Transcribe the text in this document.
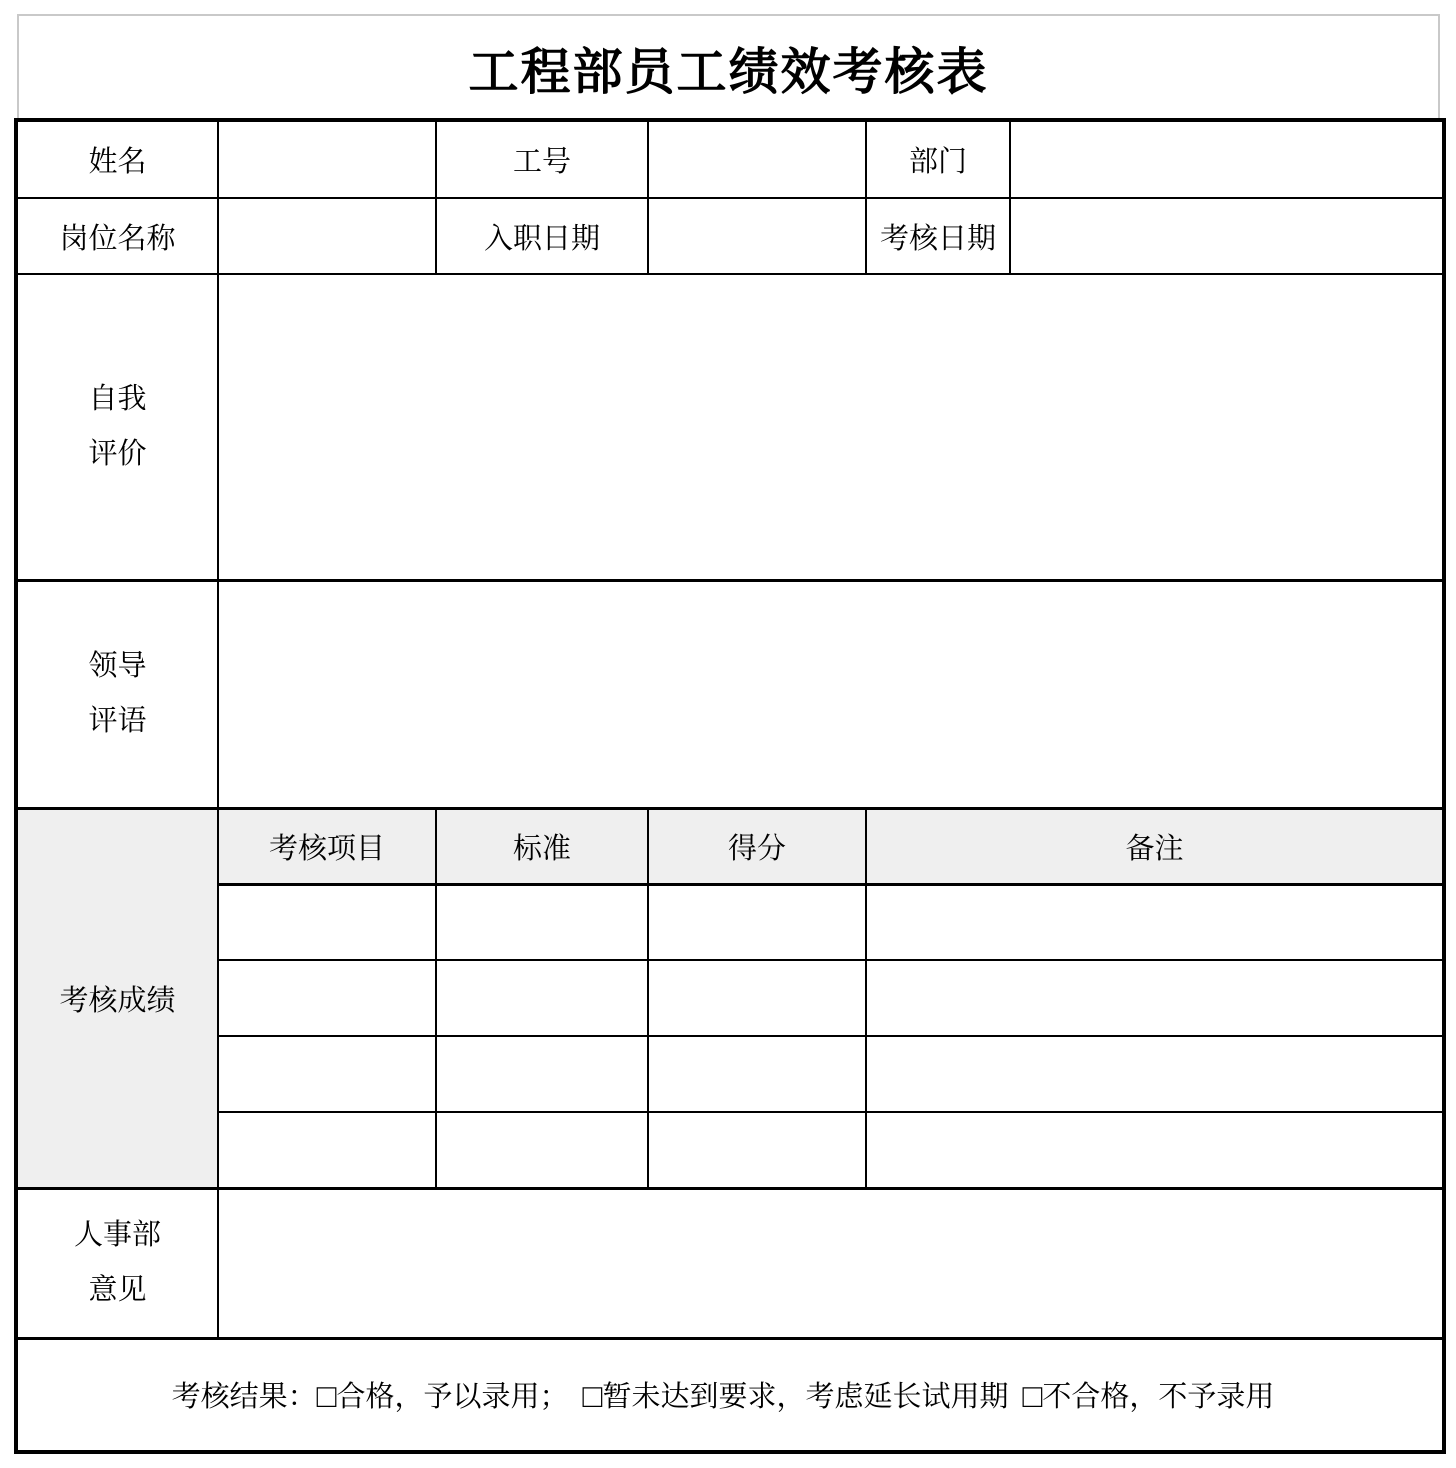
工程部员工绩效考核表
姓名		工号		部门	
岗位名称		入职日期		考核日期	

自我
评价					

领导
评语					

考核成绩	考核项目	标准	得分	备注	

人事部
意见					

考核结果：□合格，予以录用； □暂未达到要求，考虑延长试用期 □不合格，不予录用					
